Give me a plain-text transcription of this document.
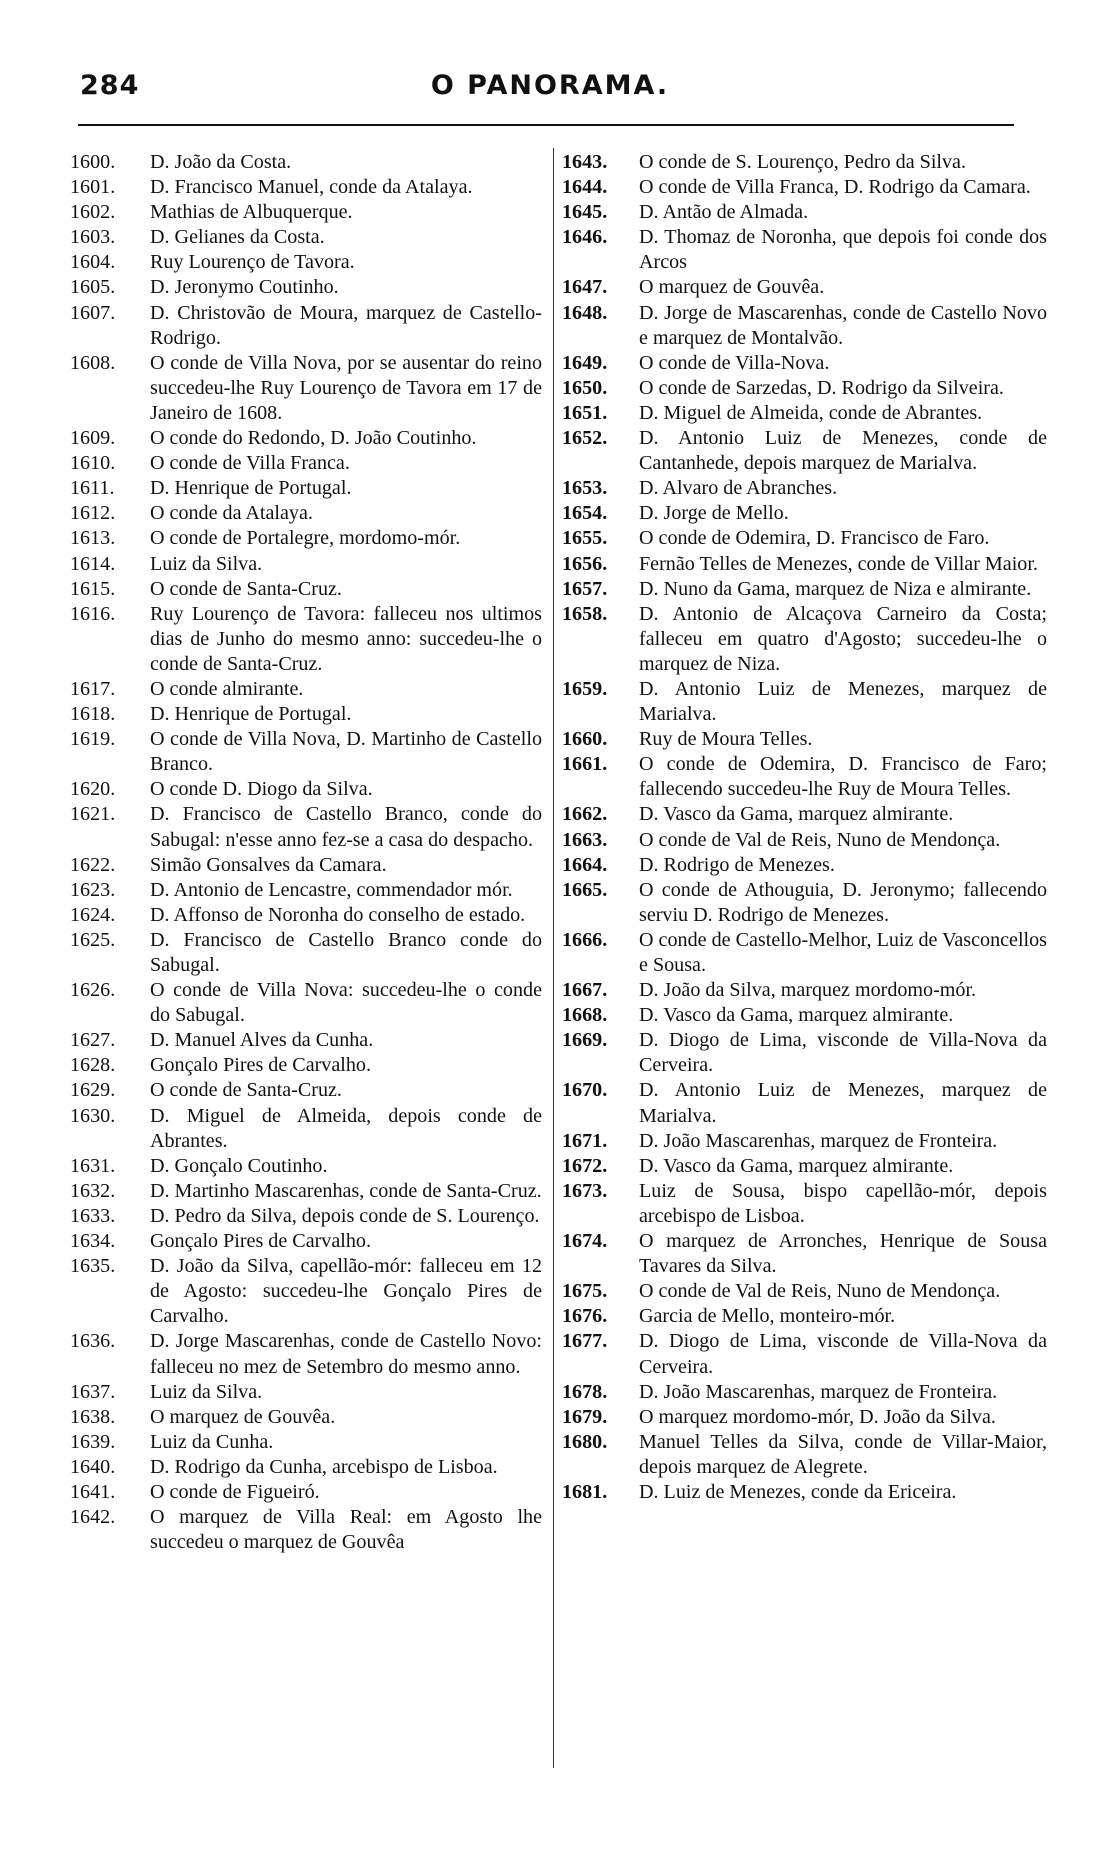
284	O PANORAMA.

1600.	D. João da Costa.

1601.	D. Francisco Manuel, conde da Atalaya.

1602.	Mathias de Albuquerque.

1603.	D. Gelianes da Costa.

1604.	Ruy Lourenço de Tavora.

1605.	D. Jeronymo Coutinho.

1607.	D. Christovão de Moura, marquez de Castello-Rodrigo.

1608.	O conde de Villa Nova, por se ausentar do reino succedeu-lhe Ruy Lourenço de Tavora em 17 de Janeiro de 1608.

1609.	O conde do Redondo, D. João Coutinho.

1610.	O conde de Villa Franca.

1611.	D. Henrique de Portugal.

1612.	O conde da Atalaya.

1613.	O conde de Portalegre, mordomo-mór.

1614.	Luiz da Silva.

1615.	O conde de Santa-Cruz.

1616.	Ruy Lourenço de Tavora: falleceu nos ultimos dias de Junho do mesmo anno: succedeu-lhe o conde de Santa-Cruz.

1617.	O conde almirante.

1618.	D. Henrique de Portugal.

1619.	O conde de Villa Nova, D. Martinho de Castello Branco.

1620.	O conde D. Diogo da Silva.

1621.	D. Francisco de Castello Branco, conde do Sabugal: n'esse anno fez-se a casa do despacho.

1622.	Simão Gonsalves da Camara.

1623.	D. Antonio de Lencastre, commendador mór.

1624.	D. Affonso de Noronha do conselho de estado.

1625.	D. Francisco de Castello Branco conde do Sabugal.

1626.	O conde de Villa Nova: succedeu-lhe o conde do Sabugal.

1627.	D. Manuel Alves da Cunha.

1628.	Gonçalo Pires de Carvalho.

1629.	O conde de Santa-Cruz.

1630.	D. Miguel de Almeida, depois conde de Abrantes.

1631.	D. Gonçalo Coutinho.

1632.	D. Martinho Mascarenhas, conde de Santa-Cruz.

1633.	D. Pedro da Silva, depois conde de S. Lourenço.

1634.	Gonçalo Pires de Carvalho.

1635.	D. João da Silva, capellão-mór: falleceu em 12 de Agosto: succedeu-lhe Gonçalo Pires de Carvalho.

1636.	D. Jorge Mascarenhas, conde de Castello Novo: falleceu no mez de Setembro do mesmo anno.

1637.	Luiz da Silva.

1638.	O marquez de Gouvêa.

1639.	Luiz da Cunha.

1640.	D. Rodrigo da Cunha, arcebispo de Lisboa.

1641.	O conde de Figueiró.

1642.	O marquez de Villa Real: em Agosto lhe succedeu o marquez de Gouvêa

1643.	O conde de S. Lourenço, Pedro da Silva.

1644.	O conde de Villa Franca, D. Rodrigo da Camara.

1645.	D. Antão de Almada.

1646.	D. Thomaz de Noronha, que depois foi conde dos Arcos

1647.	O marquez de Gouvêa.

1648.	D. Jorge de Mascarenhas, conde de Castello Novo e marquez de Montalvão.

1649.	O conde de Villa-Nova.

1650.	O conde de Sarzedas, D. Rodrigo da Silveira.

1651.	D. Miguel de Almeida, conde de Abrantes.

1652.	D. Antonio Luiz de Menezes, conde de Cantanhede, depois marquez de Marialva.

1653.	D. Alvaro de Abranches.

1654.	D. Jorge de Mello.

1655.	O conde de Odemira, D. Francisco de Faro.

1656.	Fernão Telles de Menezes, conde de Villar Maior.

1657.	D. Nuno da Gama, marquez de Niza e almirante.

1658.	D. Antonio de Alcaçova Carneiro da Costa; falleceu em quatro d'Agosto; succedeu-lhe o marquez de Niza.

1659.	D. Antonio Luiz de Menezes, marquez de Marialva.

1660.	Ruy de Moura Telles.

1661.	O conde de Odemira, D. Francisco de Faro; fallecendo succedeu-lhe Ruy de Moura Telles.

1662.	D. Vasco da Gama, marquez almirante.

1663.	O conde de Val de Reis, Nuno de Mendonça.

1664.	D. Rodrigo de Menezes.

1665.	O conde de Athouguia, D. Jeronymo; fallecendo serviu D. Rodrigo de Menezes.

1666.	O conde de Castello-Melhor, Luiz de Vasconcellos e Sousa.

1667.	D. João da Silva, marquez mordomo-mór.

1668.	D. Vasco da Gama, marquez almirante.

1669.	D. Diogo de Lima, visconde de Villa-Nova da Cerveira.

1670.	D. Antonio Luiz de Menezes, marquez de Marialva.

1671.	D. João Mascarenhas, marquez de Fronteira.

1672.	D. Vasco da Gama, marquez almirante.

1673.	Luiz de Sousa, bispo capellão-mór, depois arcebispo de Lisboa.

1674.	O marquez de Arronches, Henrique de Sousa Tavares da Silva.

1675.	O conde de Val de Reis, Nuno de Mendonça.

1676.	Garcia de Mello, monteiro-mór.

1677.	D. Diogo de Lima, visconde de Villa-Nova da Cerveira.

1678.	D. João Mascarenhas, marquez de Fronteira.

1679.	O marquez mordomo-mór, D. João da Silva.

1680.	Manuel Telles da Silva, conde de Villar-Maior, depois marquez de Alegrete.

1681.	D. Luiz de Menezes, conde da Ericeira.
